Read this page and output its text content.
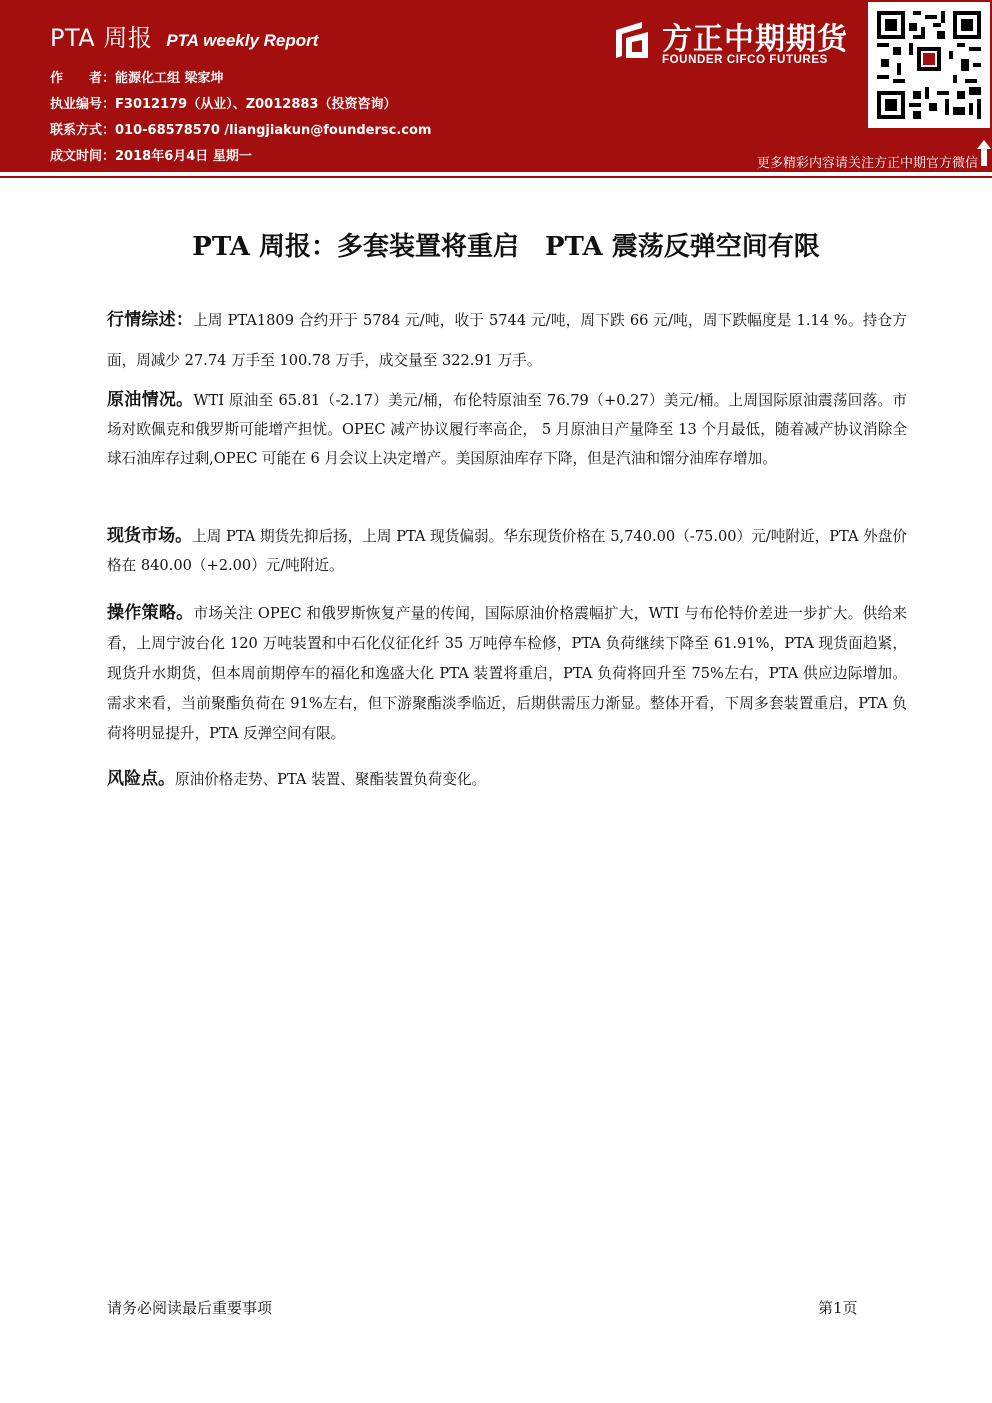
PTA 周报 PTA weekly Report
作　　者：能源化工组 梁家坤
执业编号：F3012179（从业）、Z0012883（投资咨询）
联系方式：010-68578570 /liangjiakun@foundersc.com
成文时间：2018年6月4日 星期一
方正中期期货
FOUNDER CIFCO FUTURES
更多精彩内容请关注方正中期官方微信
PTA 周报：多套装置将重启　PTA 震荡反弹空间有限
行情综述：上周 PTA1809 合约开于 5784 元/吨，收于 5744 元/吨，周下跌 66 元/吨，周下跌幅度是 1.14 %。持仓方面，周减少 27.74 万手至 100.78 万手，成交量至 322.91 万手。
原油情况。WTI 原油至 65.81（-2.17）美元/桶，布伦特原油至 76.79（+0.27）美元/桶。上周国际原油震荡回落。市场对欧佩克和俄罗斯可能增产担忧。OPEC 减产协议履行率高企， 5 月原油日产量降至 13 个月最低，随着减产协议消除全球石油库存过剩,OPEC 可能在 6 月会议上决定增产。美国原油库存下降，但是汽油和馏分油库存增加。
现货市场。上周 PTA 期货先抑后扬，上周 PTA 现货偏弱。华东现货价格在 5,740.00（-75.00）元/吨附近，PTA 外盘价格在 840.00（+2.00）元/吨附近。
操作策略。市场关注 OPEC 和俄罗斯恢复产量的传闻，国际原油价格震幅扩大，WTI 与布伦特价差进一步扩大。供给来看，上周宁波台化 120 万吨装置和中石化仪征化纤 35 万吨停车检修，PTA 负荷继续下降至 61.91%，PTA 现货面趋紧，现货升水期货，但本周前期停车的福化和逸盛大化 PTA 装置将重启，PTA 负荷将回升至 75%左右，PTA 供应边际增加。需求来看，当前聚酯负荷在 91%左右，但下游聚酯淡季临近，后期供需压力渐显。整体开看，下周多套装置重启，PTA 负荷将明显提升，PTA 反弹空间有限。
风险点。原油价格走势、PTA 装置、聚酯装置负荷变化。
请务必阅读最后重要事项	第1页
